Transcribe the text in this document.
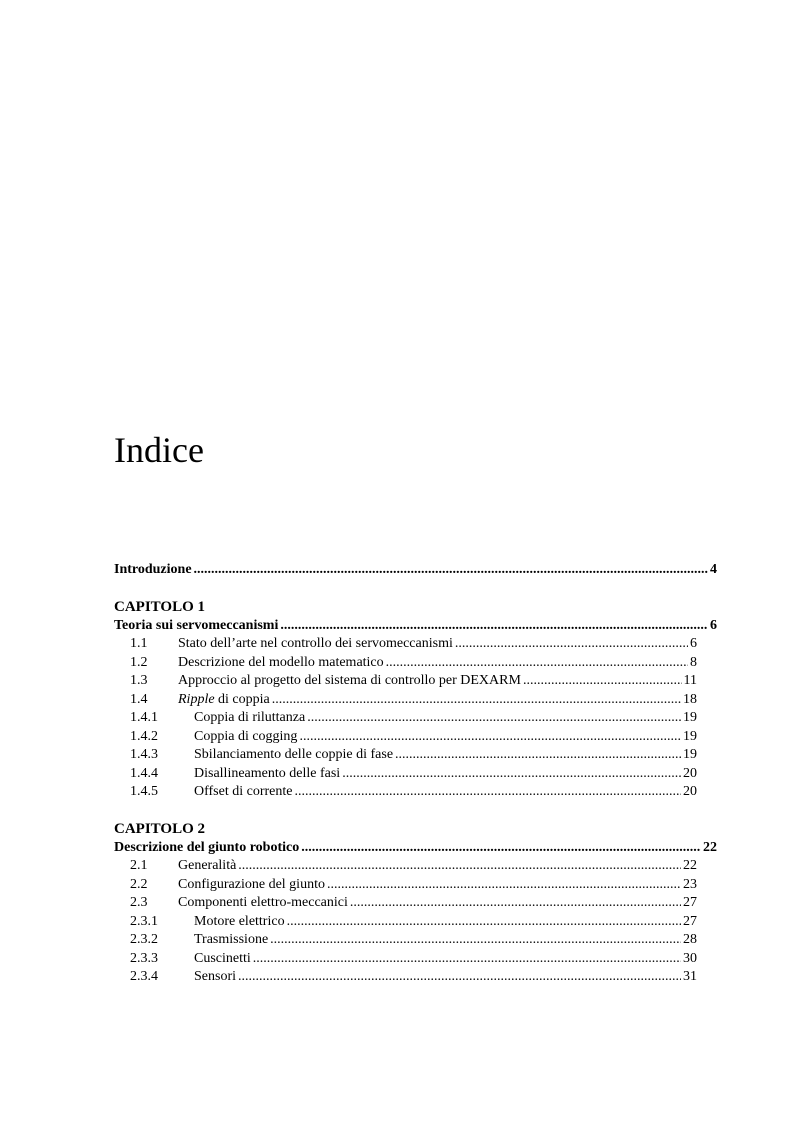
Indice
Introduzione .....	4
CAPITOLO 1
Teoria sui servomeccanismi .....	6
1.1	Stato dell’arte nel controllo dei servomeccanismi .....	6
1.2	Descrizione del modello matematico .....	8
1.3	Approccio al progetto del sistema di controllo per DEXARM .....	11
1.4	Ripple di coppia .....	18
1.4.1	Coppia di riluttanza .....	19
1.4.2	Coppia di cogging .....	19
1.4.3	Sbilanciamento delle coppie di fase .....	19
1.4.4	Disallineamento delle fasi .....	20
1.4.5	Offset di corrente .....	20
CAPITOLO 2
Descrizione del giunto robotico .....	22
2.1	Generalità .....	22
2.2	Configurazione del giunto .....	23
2.3	Componenti elettro-meccanici .....	27
2.3.1	Motore elettrico .....	27
2.3.2	Trasmissione .....	28
2.3.3	Cuscinetti .....	30
2.3.4	Sensori .....	31
